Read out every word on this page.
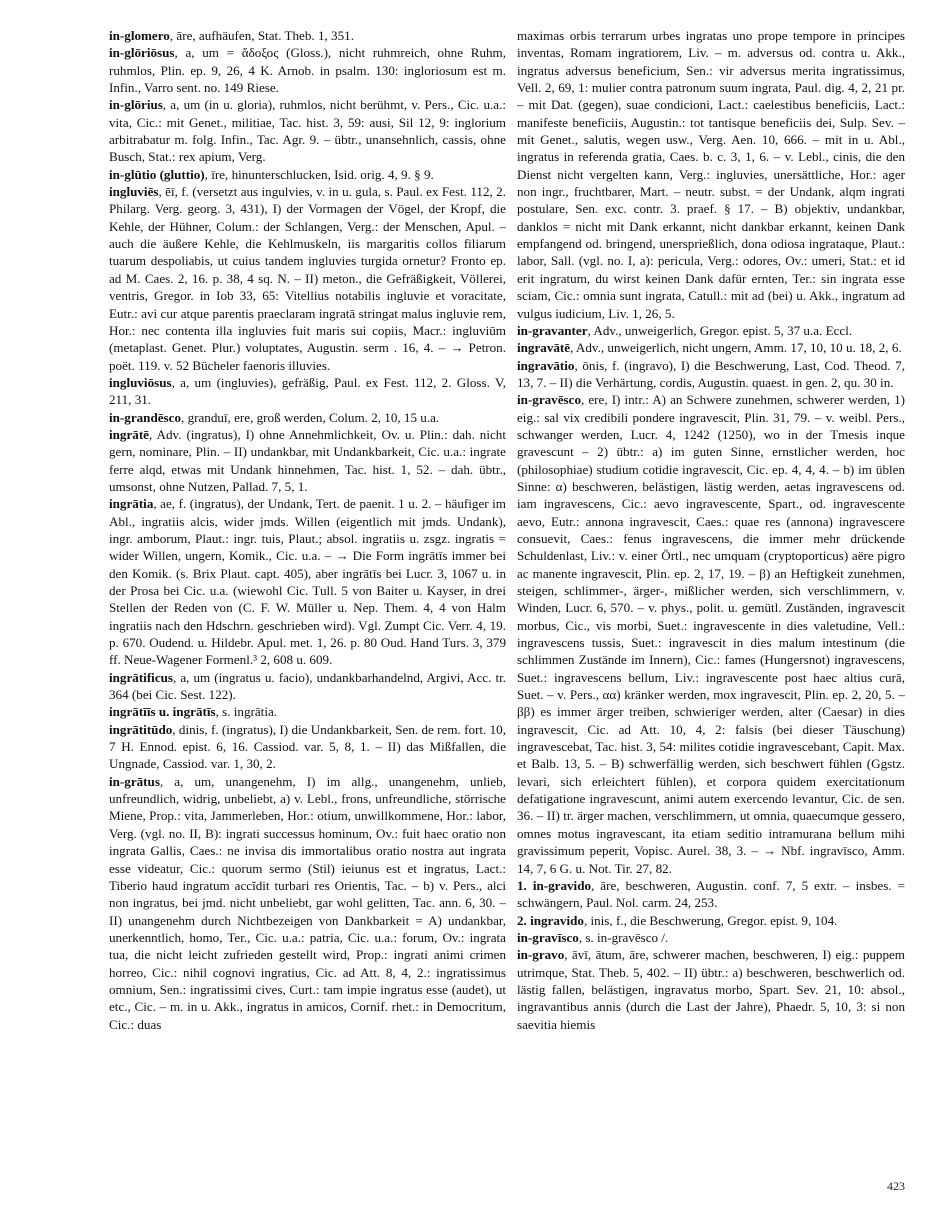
in-glomero, āre, aufhäufen, Stat. Theb. 1, 351.

in-glōriōsus, a, um = ἄδοξος (Gloss.), nicht ruhmreich, ohne Ruhm, ruhmlos, Plin. ep. 9, 26, 4 K. Arnob. in psalm. 130: ingloriosum est m. Infin., Varro sent. no. 149 Riese.

in-glōrius, a, um (in u. gloria), ruhmlos, nicht berühmt, v. Pers., Cic. u.a.: vita, Cic.: mit Genet., militiae, Tac. hist. 3, 59: ausi, Sil 12, 9: inglorium arbitrabatur m. folg. Infin., Tac. Agr. 9. – übtr., unansehnlich, cassis, ohne Busch, Stat.: rex apium, Verg.

in-glūtio (gluttio), īre, hinunterschlucken, Isid. orig. 4, 9. § 9.

ingluviēs, ēī, f. (versetzt aus ingulvies, v. in u. gula, s. Paul. ex Fest. 112, 2. Philarg. Verg. georg. 3, 431), I) der Vormagen der Vögel, der Kropf, die Kehle, der Hühner, Colum.: der Schlangen, Verg.: der Menschen, Apul. – auch die äußere Kehle, die Kehlmuskeln, iis margaritis collos filiarum tuarum despoliabis, ut cuius tandem ingluvies turgida ornetur? Fronto ep. ad M. Caes. 2, 16. p. 38, 4 sq. N. – II) meton., die Gefräßigkeit, Völlerei, ventris, Gregor. in Iob 33, 65: Vitellius notabilis ingluvie et voracitate, Eutr.: avi cur atque parentis praeclaram ingratā stringat malus ingluvie rem, Hor.: nec contenta illa ingluvies fuit maris sui copiis, Macr.: ingluviūm (metaplast. Genet. Plur.) voluptates, Augustin. serm . 16, 4. – → Petron. poët. 119. v. 52 Bücheler faenoris illuvies.

ingluviōsus, a, um (ingluvies), gefräßig, Paul. ex Fest. 112, 2. Gloss. V, 211, 31.

in-grandēsco, granduī, ere, groß werden, Colum. 2, 10, 15 u.a.

ingrātē, Adv. (ingratus), I) ohne Annehmlichkeit, Ov. u. Plin.: dah. nicht gern, nominare, Plin. – II) undankbar, mit Undankbarkeit, Cic. u.a.: ingrate ferre alqd, etwas mit Undank hinnehmen, Tac. hist. 1, 52. – dah. übtr., umsonst, ohne Nutzen, Pallad. 7, 5, 1.

ingrātia, ae, f. (ingratus), der Undank, Tert. de paenit. 1 u. 2. – häufiger im Abl., ingratiis alcis, wider jmds. Willen (eigentlich mit jmds. Undank), ingr. amborum, Plaut.: ingr. tuis, Plaut.; absol. ingratiis u. zsgz. ingratis = wider Willen, ungern, Komik., Cic. u.a. – → Die Form ingrātīs immer bei den Komik. (s. Brix Plaut. capt. 405), aber ingrātīs bei Lucr. 3, 1067 u. in der Prosa bei Cic. u.a. (wiewohl Cic. Tull. 5 von Baiter u. Kayser, in drei Stellen der Reden von (C. F. W. Müller u. Nep. Them. 4, 4 von Halm ingratiis nach den Hdschrn. geschrieben wird). Vgl. Zumpt Cic. Verr. 4, 19. p. 670. Oudend. u. Hildebr. Apul. met. 1, 26. p. 80 Oud. Hand Turs. 3, 379 ff. Neue-Wagener Formenl.³ 2, 608 u. 609.

ingrātificus, a, um (ingratus u. facio), undankbarhandelnd, Argivi, Acc. tr. 364 (bei Cic. Sest. 122).

ingrātīīs u. ingrātīs, s. ingrātia.

ingrātitūdo, dinis, f. (ingratus), I) die Undankbarkeit, Sen. de rem. fort. 10, 7 H. Ennod. epist. 6, 16. Cassiod. var. 5, 8, 1. – II) das Mißfallen, die Ungnade, Cassiod. var. 1, 30, 2.

in-grātus, a, um, unangenehm, I) im allg., unangenehm, unlieb, unfreundlich, widrig, unbeliebt, a) v. Lebl., frons, unfreundliche, störrische Miene, Prop.: vita, Jammerleben, Hor.: otium, unwillkommene, Hor.: labor, Verg. (vgl. no. II, B): ingrati successus hominum, Ov.: fuit haec oratio non ingrata Gallis, Caes.: ne invisa dis immortalibus oratio nostra aut ingrata esse videatur, Cic.: quorum sermo (Stil) ieiunus est et ingratus, Lact.: Tiberio haud ingratum accĭdit turbari res Orientis, Tac. – b) v. Pers., alci non ingratus, bei jmd. nicht unbeliebt, gar wohl gelitten, Tac. ann. 6, 30. – II) unangenehm durch Nichtbezeigen von Dankbarkeit = A) undankbar, unerkenntlich, homo, Ter., Cic. u.a.: patria, Cic. u.a.: forum, Ov.: ingrata tua, die nicht leicht zufrieden gestellt wird, Prop.: ingrati animi crimen horreo, Cic.: nihil cognovi ingratius, Cic. ad Att. 8, 4, 2.: ingratissimus omnium, Sen.: ingratissimi cives, Curt.: tam impie ingratus esse (audet), ut etc., Cic. – m. in u. Akk., ingratus in amicos, Cornif. rhet.: in Democritum, Cic.: duas

maximas orbis terrarum urbes ingratas uno prope tempore in principes inventas, Romam ingratiorem, Liv. – m. adversus od. contra u. Akk., ingratus adversus beneficium, Sen.: vir adversus merita ingratissimus, Vell. 2, 69, 1: mulier contra patronum suum ingrata, Paul. dig. 4, 2, 21 pr. – mit Dat. (gegen), suae condicioni, Lact.: caelestibus beneficiis, Lact.: manifeste beneficiis, Augustin.: tot tantisque beneficiis dei, Sulp. Sev. – mit Genet., salutis, wegen usw., Verg. Aen. 10, 666. – mit in u. Abl., ingratus in referenda gratia, Caes. b. c. 3, 1, 6. – v. Lebl., cinis, die den Dienst nicht vergelten kann, Verg.: ingluvies, unersättliche, Hor.: ager non ingr., fruchtbarer, Mart. – neutr. subst. = der Undank, alqm ingrati postulare, Sen. exc. contr. 3. praef. § 17. – B) objektiv, undankbar, danklos = nicht mit Dank erkannt, nicht dankbar erkannt, keinen Dank empfangend od. bringend, unersprießlich, dona odiosa ingrataque, Plaut.: labor, Sall. (vgl. no. I, a): pericula, Verg.: odores, Ov.: umeri, Stat.: et id erit ingratum, du wirst keinen Dank dafür ernten, Ter.: sin ingrata esse sciam, Cic.: omnia sunt ingrata, Catull.: mit ad (bei) u. Akk., ingratum ad vulgus iudicium, Liv. 1, 26, 5.

in-gravanter, Adv., unweigerlich, Gregor. epist. 5, 37 u.a. Eccl.

ingravātē, Adv., unweigerlich, nicht ungern, Amm. 17, 10, 10 u. 18, 2, 6.

ingravātio, ōnis, f. (ingravo), I) die Beschwerung, Last, Cod. Theod. 7, 13, 7. – II) die Verhärtung, cordis, Augustin. quaest. in gen. 2, qu. 30 in.

in-gravēsco, ere, I) intr.: A) an Schwere zunehmen, schwerer werden, 1) eig.: sal vix credibili pondere ingravescit, Plin. 31, 79. – v. weibl. Pers., schwanger werden, Lucr. 4, 1242 (1250), wo in der Tmesis inque gravescunt – 2) übtr.: a) im guten Sinne, ernstlicher werden, hoc (philosophiae) studium cotidie ingravescit, Cic. ep. 4, 4, 4. – b) im üblen Sinne: α) beschweren, belästigen, lästig werden, aetas ingravescens od. iam ingravescens, Cic.: aevo ingravescente, Spart., od. ingravescente aevo, Eutr.: annona ingravescit, Caes.: quae res (annona) ingravescere consuevit, Caes.: fenus ingravescens, die immer mehr drückende Schuldenlast, Liv.: v. einer Örtl., nec umquam (cryptoporticus) aëre pigro ac manente ingravescit, Plin. ep. 2, 17, 19. – β) an Heftigkeit zunehmen, steigen, schlimmer-, ärger-, mißlicher werden, sich verschlimmern, v. Winden, Lucr. 6, 570. – v. phys., polit. u. gemütl. Zuständen, ingravescit morbus, Cic., vis morbi, Suet.: ingravescente in dies valetudine, Vell.: ingravescens tussis, Suet.: ingravescit in dies malum intestinum (die schlimmen Zustände im Innern), Cic.: fames (Hungersnot) ingravescens, Suet.: ingravescens bellum, Liv.: ingravescente post haec altius curā, Suet. – v. Pers., αα) kränker werden, mox ingravescit, Plin. ep. 2, 20, 5. – ββ) es immer ärger treiben, schwieriger werden, alter (Caesar) in dies ingravescit, Cic. ad Att. 10, 4, 2: falsis (bei dieser Täuschung) ingravescebat, Tac. hist. 3, 54: milites cotidie ingravescebant, Capit. Max. et Balb. 13, 5. – B) schwerfällig werden, sich beschwert fühlen (Ggstz. levari, sich erleichtert fühlen), et corpora quidem exercitationum defatigatione ingravescunt, animi autem exercendo levantur, Cic. de sen. 36. – II) tr. ärger machen, verschlimmern, ut omnia, quaecumque gessero, omnes motus ingravescant, ita etiam seditio intramurana bellum mihi gravissimum peperit, Vopisc. Aurel. 38, 3. – → Nbf. ingravīsco, Amm. 14, 7, 6 G. u. Not. Tir. 27, 82.

1. in-gravido, āre, beschweren, Augustin. conf. 7, 5 extr. – insbes. = schwängern, Paul. Nol. carm. 24, 253.

2. ingravido, inis, f., die Beschwerung, Gregor. epist. 9, 104.

in-gravīsco, s. in-gravēsco /.

in-gravo, āvī, ātum, āre, schwerer machen, beschweren, I) eig.: puppem utrimque, Stat. Theb. 5, 402. – II) übtr.: a) beschweren, beschwerlich od. lästig fallen, belästigen, ingravatus morbo, Spart. Sev. 21, 10: absol., ingravantibus annis (durch die Last der Jahre), Phaedr. 5, 10, 3: si non saevitia hiemis

423
